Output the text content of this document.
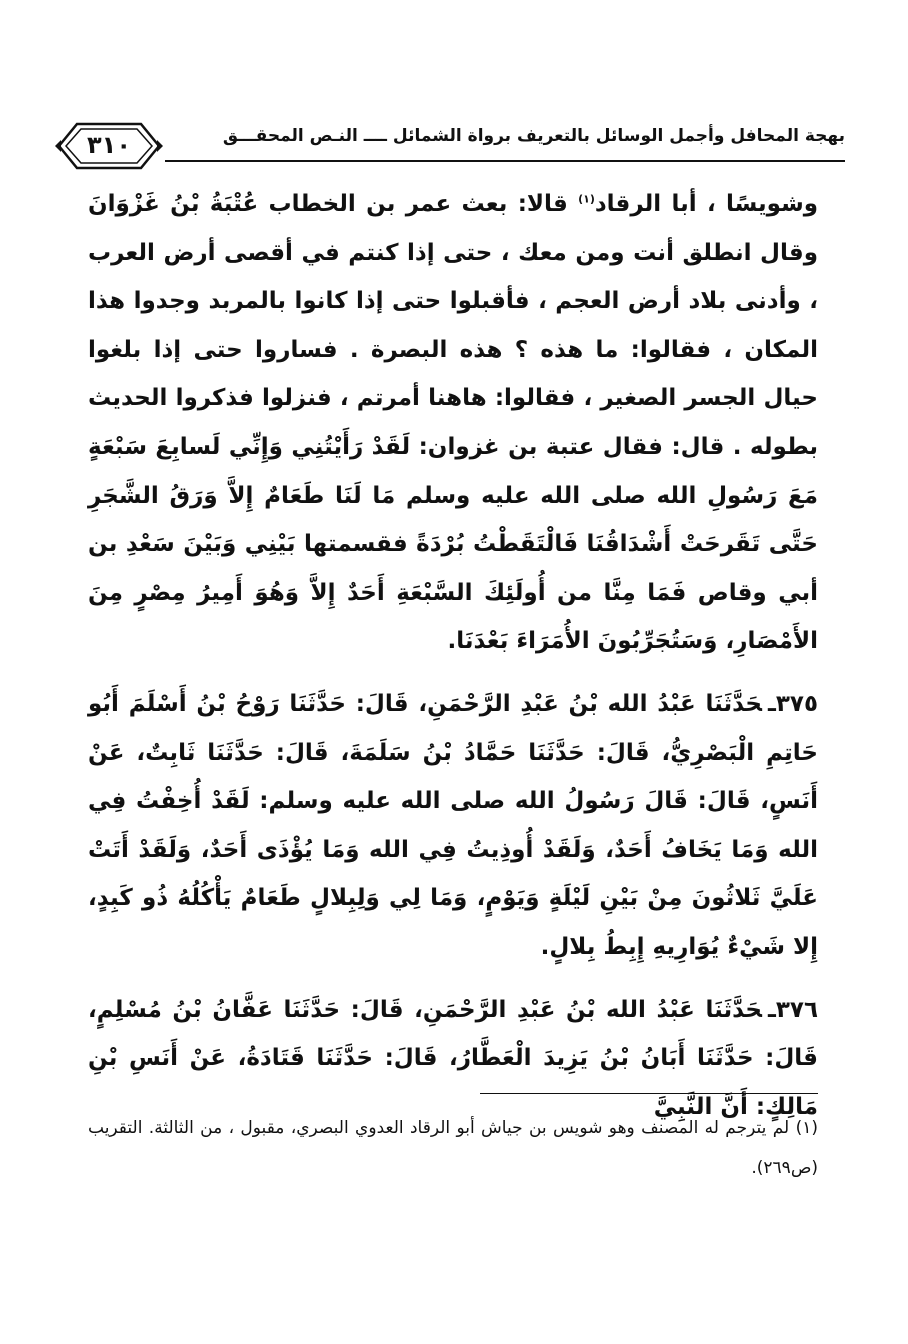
٣١٠	بهجة المحافل وأجمل الوسائل بالتعريف برواة الشمائل ــــ النـص المحقـــق

وشويسًا ، أبا الرقاد$^{(١)}$ قالا: بعث عمر بن الخطاب عُتْبَةُ بْنُ غَزْوَانَ وقال انطلق أنت ومن معك ، حتى إذا كنتم في أقصى أرض العرب ، وأدنى بلاد أرض العجم ، فأقبلوا حتى إذا كانوا بالمربد وجدوا هذا المكان ، فقالوا: ما هذه ؟ هذه البصرة . فساروا حتى إذا بلغوا حيال الجسر الصغير ، فقالوا: هاهنا أمرتم ، فنزلوا فذكروا الحديث بطوله . قال: فقال عتبة بن غزوان: لَقَدْ رَأَيْتُنِي وَإِنِّي لَسابِعَ سَبْعَةٍ مَعَ رَسُولِ الله صلى الله عليه وسلم مَا لَنَا طَعَامٌ إِلاَّ وَرَقُ الشَّجَرِ حَتَّى تَقَرحَتْ أَشْدَاقُنَا فَالْتَقَطْتُ بُرْدَةً فقسمتها بَيْنِي وَبَيْنَ سَعْدِ بن أبي وقاص فَمَا مِنَّا من أُولَئِكَ السَّبْعَةِ أَحَدٌ إِلاَّ وَهُوَ أَمِيرُ مِصْرٍ مِنَ الأَمْصَارِ، وَسَتُجَرِّبُونَ الأُمَرَاءَ بَعْدَنَا.

٣٧٥ـحَدَّثَنَا عَبْدُ الله بْنُ عَبْدِ الرَّحْمَنِ، قَالَ: حَدَّثَنَا رَوْحُ بْنُ أَسْلَمَ أَبُو حَاتِمِ الْبَصْرِيُّ، قَالَ: حَدَّثَنَا حَمَّادُ بْنُ سَلَمَةَ، قَالَ: حَدَّثَنَا ثَابِتٌ، عَنْ أَنَسٍ، قَالَ: قَالَ رَسُولُ الله صلى الله عليه وسلم: لَقَدْ أُخِفْتُ فِي الله وَمَا يَخَافُ أَحَدٌ، وَلَقَدْ أُوذِيتُ فِي الله وَمَا يُؤْذَى أَحَدٌ، وَلَقَدْ أَتَتْ عَلَيَّ ثَلاثُونَ مِنْ بَيْنِ لَيْلَةٍ وَيَوْمٍ، وَمَا لِي وَلِبِلالٍ طَعَامٌ يَأْكُلُهُ ذُو كَبِدٍ، إِلا شَيْءٌ يُوَارِيهِ إِبِطُ بِلالٍ.

٣٧٦ـحَدَّثَنَا عَبْدُ الله بْنُ عَبْدِ الرَّحْمَنِ، قَالَ: حَدَّثَنَا عَفَّانُ بْنُ مُسْلِمٍ، قَالَ: حَدَّثَنَا أَبَانُ بْنُ يَزِيدَ الْعَطَّارُ، قَالَ: حَدَّثَنَا قَتَادَةُ، عَنْ أَنَسِ بْنِ مَالِكٍ: أَنَّ النَّبِيَّ

(١) لم يترجم له المصنف وهو شويس بن جياش أبو الرقاد العدوي البصري، مقبول ، من الثالثة. التقريب (ص٢٦٩).
